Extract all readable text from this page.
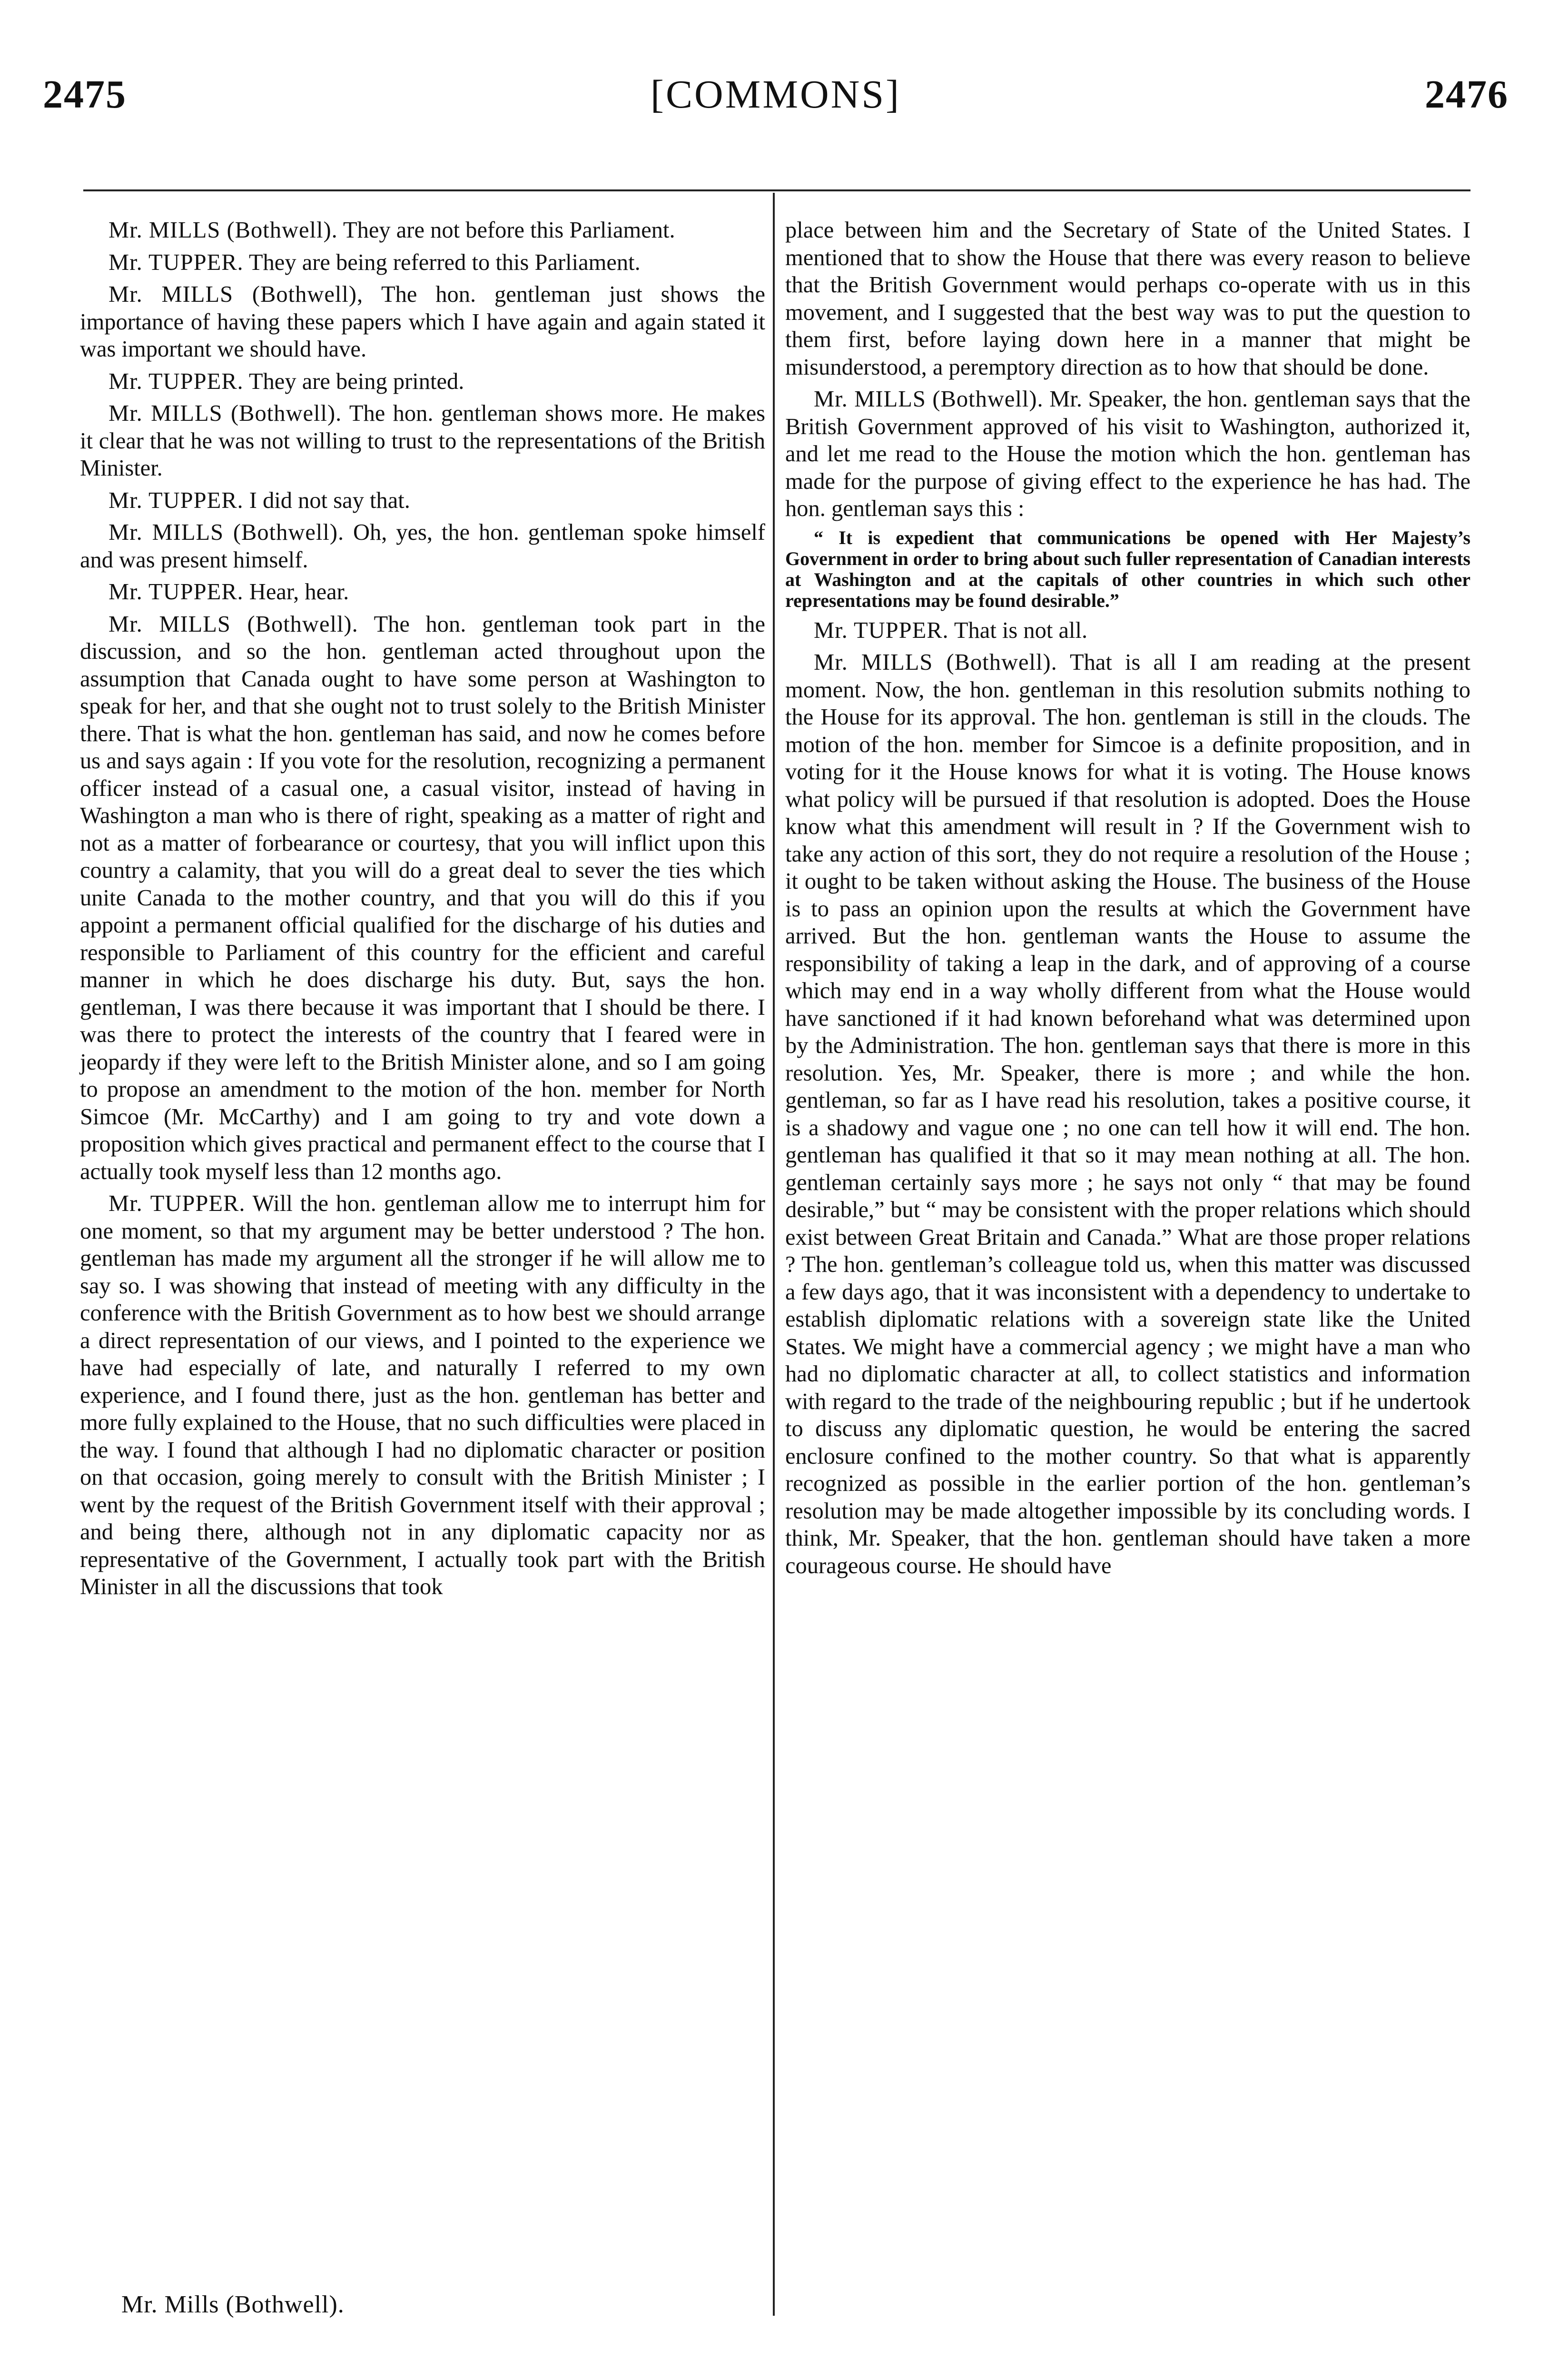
2475	[COMMONS]	2476

Mr. MILLS (Bothwell). They are not before this Parliament.

Mr. TUPPER. They are being referred to this Parliament.

Mr. MILLS (Bothwell), The hon. gentleman just shows the importance of having these papers which I have again and again stated it was important we should have.

Mr. TUPPER. They are being printed.

Mr. MILLS (Bothwell). The hon. gentleman shows more. He makes it clear that he was not willing to trust to the representations of the British Minister.

Mr. TUPPER. I did not say that.

Mr. MILLS (Bothwell). Oh, yes, the hon. gentleman spoke himself and was present himself.

Mr. TUPPER. Hear, hear.

Mr. MILLS (Bothwell). The hon. gentleman took part in the discussion, and so the hon. gentleman acted throughout upon the assumption that Canada ought to have some person at Washington to speak for her, and that she ought not to trust solely to the British Minister there. That is what the hon. gentleman has said, and now he comes before us and says again : If you vote for the resolution, recognizing a permanent officer instead of a casual one, a casual visitor, instead of having in Washington a man who is there of right, speaking as a matter of right and not as a matter of forbearance or courtesy, that you will inflict upon this country a calamity, that you will do a great deal to sever the ties which unite Canada to the mother country, and that you will do this if you appoint a permanent official qualified for the discharge of his duties and responsible to Parliament of this country for the efficient and careful manner in which he does discharge his duty. But, says the hon. gentleman, I was there because it was important that I should be there. I was there to protect the interests of the country that I feared were in jeopardy if they were left to the British Minister alone, and so I am going to propose an amendment to the motion of the hon. member for North Simcoe (Mr. McCarthy) and I am going to try and vote down a proposition which gives practical and permanent effect to the course that I actually took myself less than 12 months ago.

Mr. TUPPER. Will the hon. gentleman allow me to interrupt him for one moment, so that my argument may be better understood ? The hon. gentleman has made my argument all the stronger if he will allow me to say so. I was showing that instead of meeting with any difficulty in the conference with the British Government as to how best we should arrange a direct representation of our views, and I pointed to the experience we have had especially of late, and naturally I referred to my own experience, and I found there, just as the hon. gentleman has better and more fully explained to the House, that no such difficulties were placed in the way. I found that although I had no diplomatic character or position on that occasion, going merely to consult with the British Minister ; I went by the request of the British Government itself with their approval ; and being there, although not in any diplomatic capacity nor as representative of the Government, I actually took part with the British Minister in all the discussions that took

place between him and the Secretary of State of the United States. I mentioned that to show the House that there was every reason to believe that the British Government would perhaps co-operate with us in this movement, and I suggested that the best way was to put the question to them first, before laying down here in a manner that might be misunderstood, a peremptory direction as to how that should be done.

Mr. MILLS (Bothwell). Mr. Speaker, the hon. gentleman says that the British Government approved of his visit to Washington, authorized it, and let me read to the House the motion which the hon. gentleman has made for the purpose of giving effect to the experience he has had. The hon. gentleman says this :

“ It is expedient that communications be opened with Her Majesty’s Government in order to bring about such fuller representation of Canadian interests at Washington and at the capitals of other countries in which such other representations may be found desirable.”

Mr. TUPPER. That is not all.

Mr. MILLS (Bothwell). That is all I am reading at the present moment. Now, the hon. gentleman in this resolution submits nothing to the House for its approval. The hon. gentleman is still in the clouds. The motion of the hon. member for Simcoe is a definite proposition, and in voting for it the House knows for what it is voting. The House knows what policy will be pursued if that resolution is adopted. Does the House know what this amendment will result in ? If the Government wish to take any action of this sort, they do not require a resolution of the House ; it ought to be taken without asking the House. The business of the House is to pass an opinion upon the results at which the Government have arrived. But the hon. gentleman wants the House to assume the responsibility of taking a leap in the dark, and of approving of a course which may end in a way wholly different from what the House would have sanctioned if it had known beforehand what was determined upon by the Administration. The hon. gentleman says that there is more in this resolution. Yes, Mr. Speaker, there is more ; and while the hon. gentleman, so far as I have read his resolution, takes a positive course, it is a shadowy and vague one ; no one can tell how it will end. The hon. gentleman has qualified it that so it may mean nothing at all. The hon. gentleman certainly says more ; he says not only “ that may be found desirable,” but “ may be consistent with the proper relations which should exist between Great Britain and Canada.” What are those proper relations ? The hon. gentleman’s colleague told us, when this matter was discussed a few days ago, that it was inconsistent with a dependency to undertake to establish diplomatic relations with a sovereign state like the United States. We might have a commercial agency ; we might have a man who had no diplomatic character at all, to collect statistics and information with regard to the trade of the neighbouring republic ; but if he undertook to discuss any diplomatic question, he would be entering the sacred enclosure confined to the mother country. So that what is apparently recognized as possible in the earlier portion of the hon. gentleman’s resolution may be made altogether impossible by its concluding words. I think, Mr. Speaker, that the hon. gentleman should have taken a more courageous course. He should have

Mr. Mills (Bothwell).
